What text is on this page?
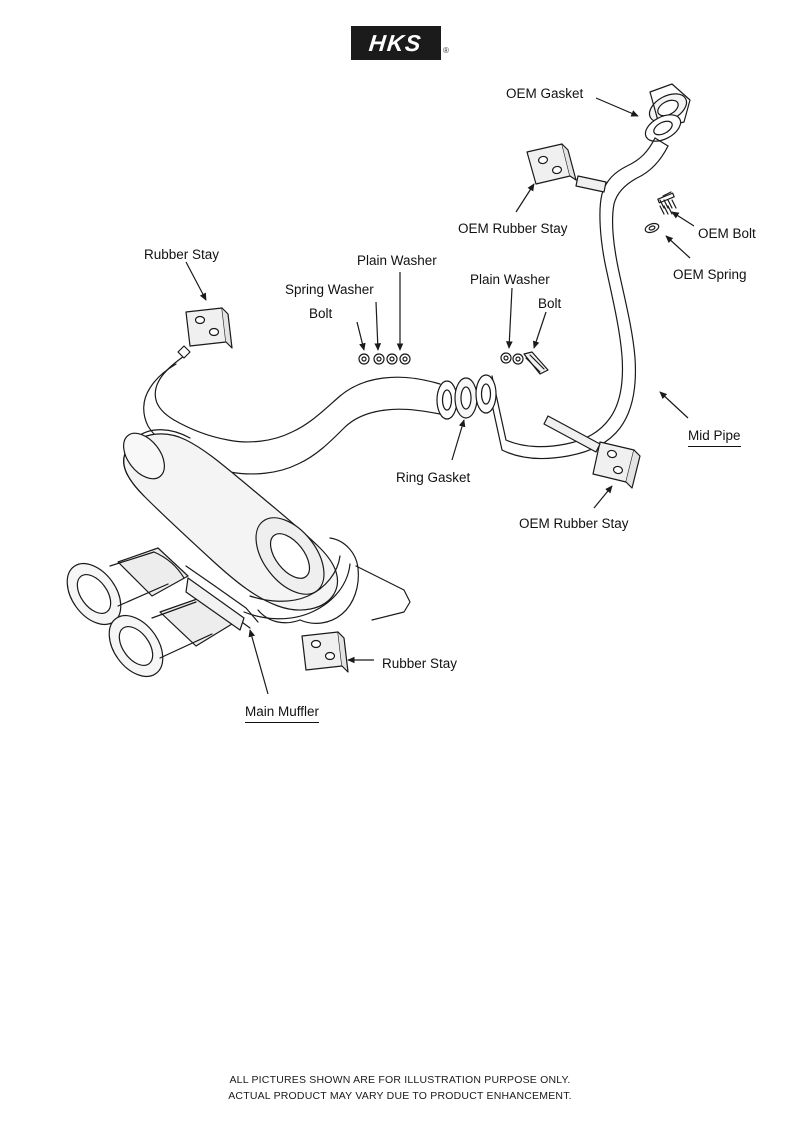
HKS ®
OEM Gasket
OEM Rubber Stay	OEM Bolt
OEM Spring
Rubber Stay	Plain Washer
Plain Washer
Spring Washer
Bolt
Bolt
Mid Pipe
Ring Gasket
OEM Rubber Stay
Rubber Stay
Main Muffler
ALL PICTURES SHOWN ARE FOR ILLUSTRATION PURPOSE ONLY.
ACTUAL PRODUCT MAY VARY DUE TO PRODUCT ENHANCEMENT.
